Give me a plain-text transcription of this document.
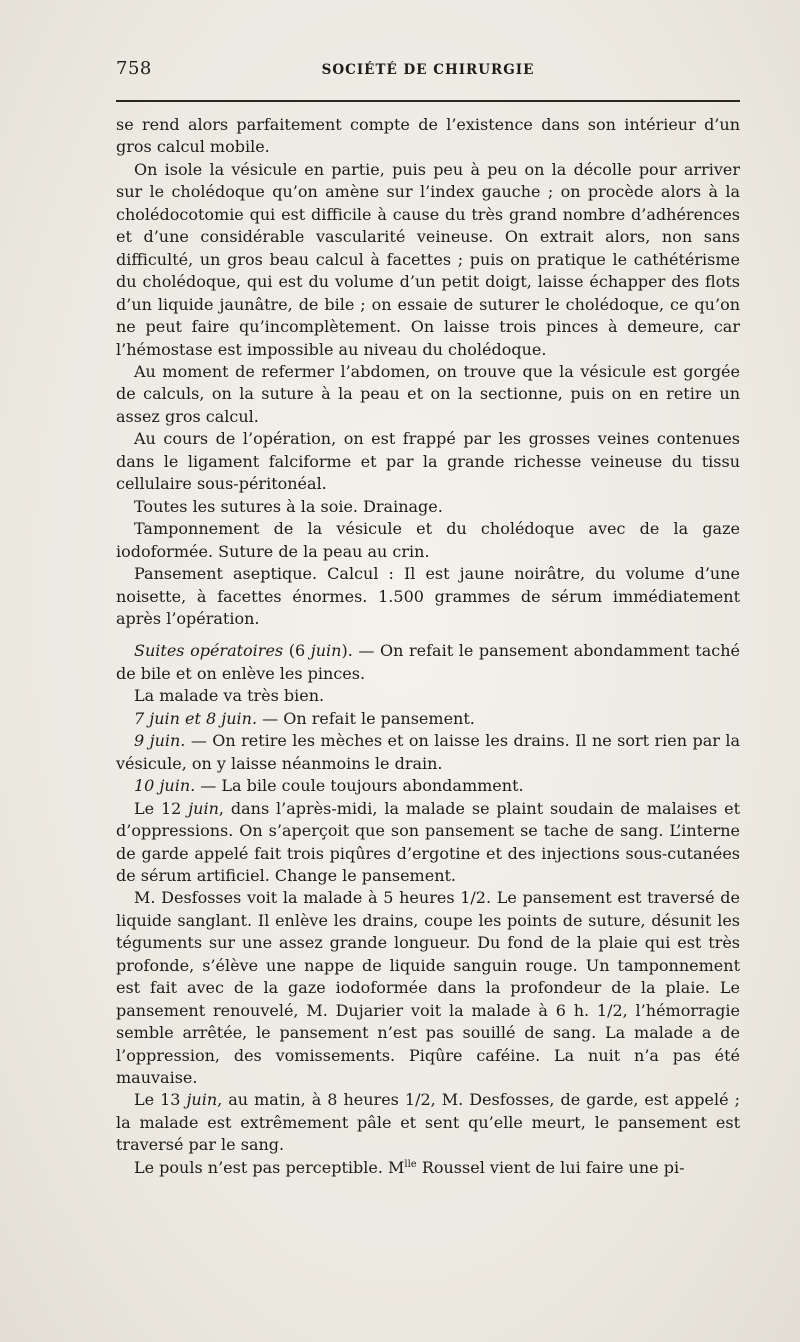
758	SOCIÉTÉ DE CHIRURGIE

se rend alors parfaitement compte de l’existence dans son intérieur d’un gros calcul mobile.

On isole la vésicule en partie, puis peu à peu on la décolle pour arriver sur le cholédoque qu’on amène sur l’index gauche ; on procède alors à la cholédocotomie qui est difficile à cause du très grand nombre d’adhérences et d’une considérable vascularité veineuse. On extrait alors, non sans difficulté, un gros beau calcul à facettes ; puis on pratique le cathétérisme du cholédoque, qui est du volume d’un petit doigt, laisse échapper des flots d’un liquide jaunâtre, de bile ; on essaie de suturer le cholédoque, ce qu’on ne peut faire qu’incomplètement. On laisse trois pinces à demeure, car l’hémostase est impossible au niveau du cholédoque.

Au moment de refermer l’abdomen, on trouve que la vésicule est gorgée de calculs, on la suture à la peau et on la sectionne, puis on en retire un assez gros calcul.

Au cours de l’opération, on est frappé par les grosses veines contenues dans le ligament falciforme et par la grande richesse veineuse du tissu cellulaire sous-péritonéal.

Toutes les sutures à la soie. Drainage.

Tamponnement de la vésicule et du cholédoque avec de la gaze iodoformée. Suture de la peau au crin.

Pansement aseptique. Calcul : Il est jaune noirâtre, du volume d’une noisette, à facettes énormes. 1.500 grammes de sérum immédiatement après l’opération.

Suites opératoires (6 juin). — On refait le pansement abondamment taché de bile et on enlève les pinces.

La malade va très bien.

7 juin et 8 juin. — On refait le pansement.

9 juin. — On retire les mèches et on laisse les drains. Il ne sort rien par la vésicule, on y laisse néanmoins le drain.

10 juin. — La bile coule toujours abondamment.

Le 12 juin, dans l’après-midi, la malade se plaint soudain de malaises et d’oppressions. On s’aperçoit que son pansement se tache de sang. L’interne de garde appelé fait trois piqûres d’ergotine et des injections sous-cutanées de sérum artificiel. Change le pansement.

M. Desfosses voit la malade à 5 heures 1/2. Le pansement est traversé de liquide sanglant. Il enlève les drains, coupe les points de suture, désunit les téguments sur une assez grande longueur. Du fond de la plaie qui est très profonde, s’élève une nappe de liquide sanguin rouge. Un tamponnement est fait avec de la gaze iodoformée dans la profondeur de la plaie. Le pansement renouvelé, M. Dujarier voit la malade à 6 h. 1/2, l’hémorragie semble arrêtée, le pansement n’est pas souillé de sang. La malade a de l’oppression, des vomissements. Piqûre caféine. La nuit n’a pas été mauvaise.

Le 13 juin, au matin, à 8 heures 1/2, M. Desfosses, de garde, est appelé ; la malade est extrêmement pâle et sent qu’elle meurt, le pansement est traversé par le sang.

Le pouls n’est pas perceptible. $M^{lle}$ Roussel vient de lui faire une pi-
